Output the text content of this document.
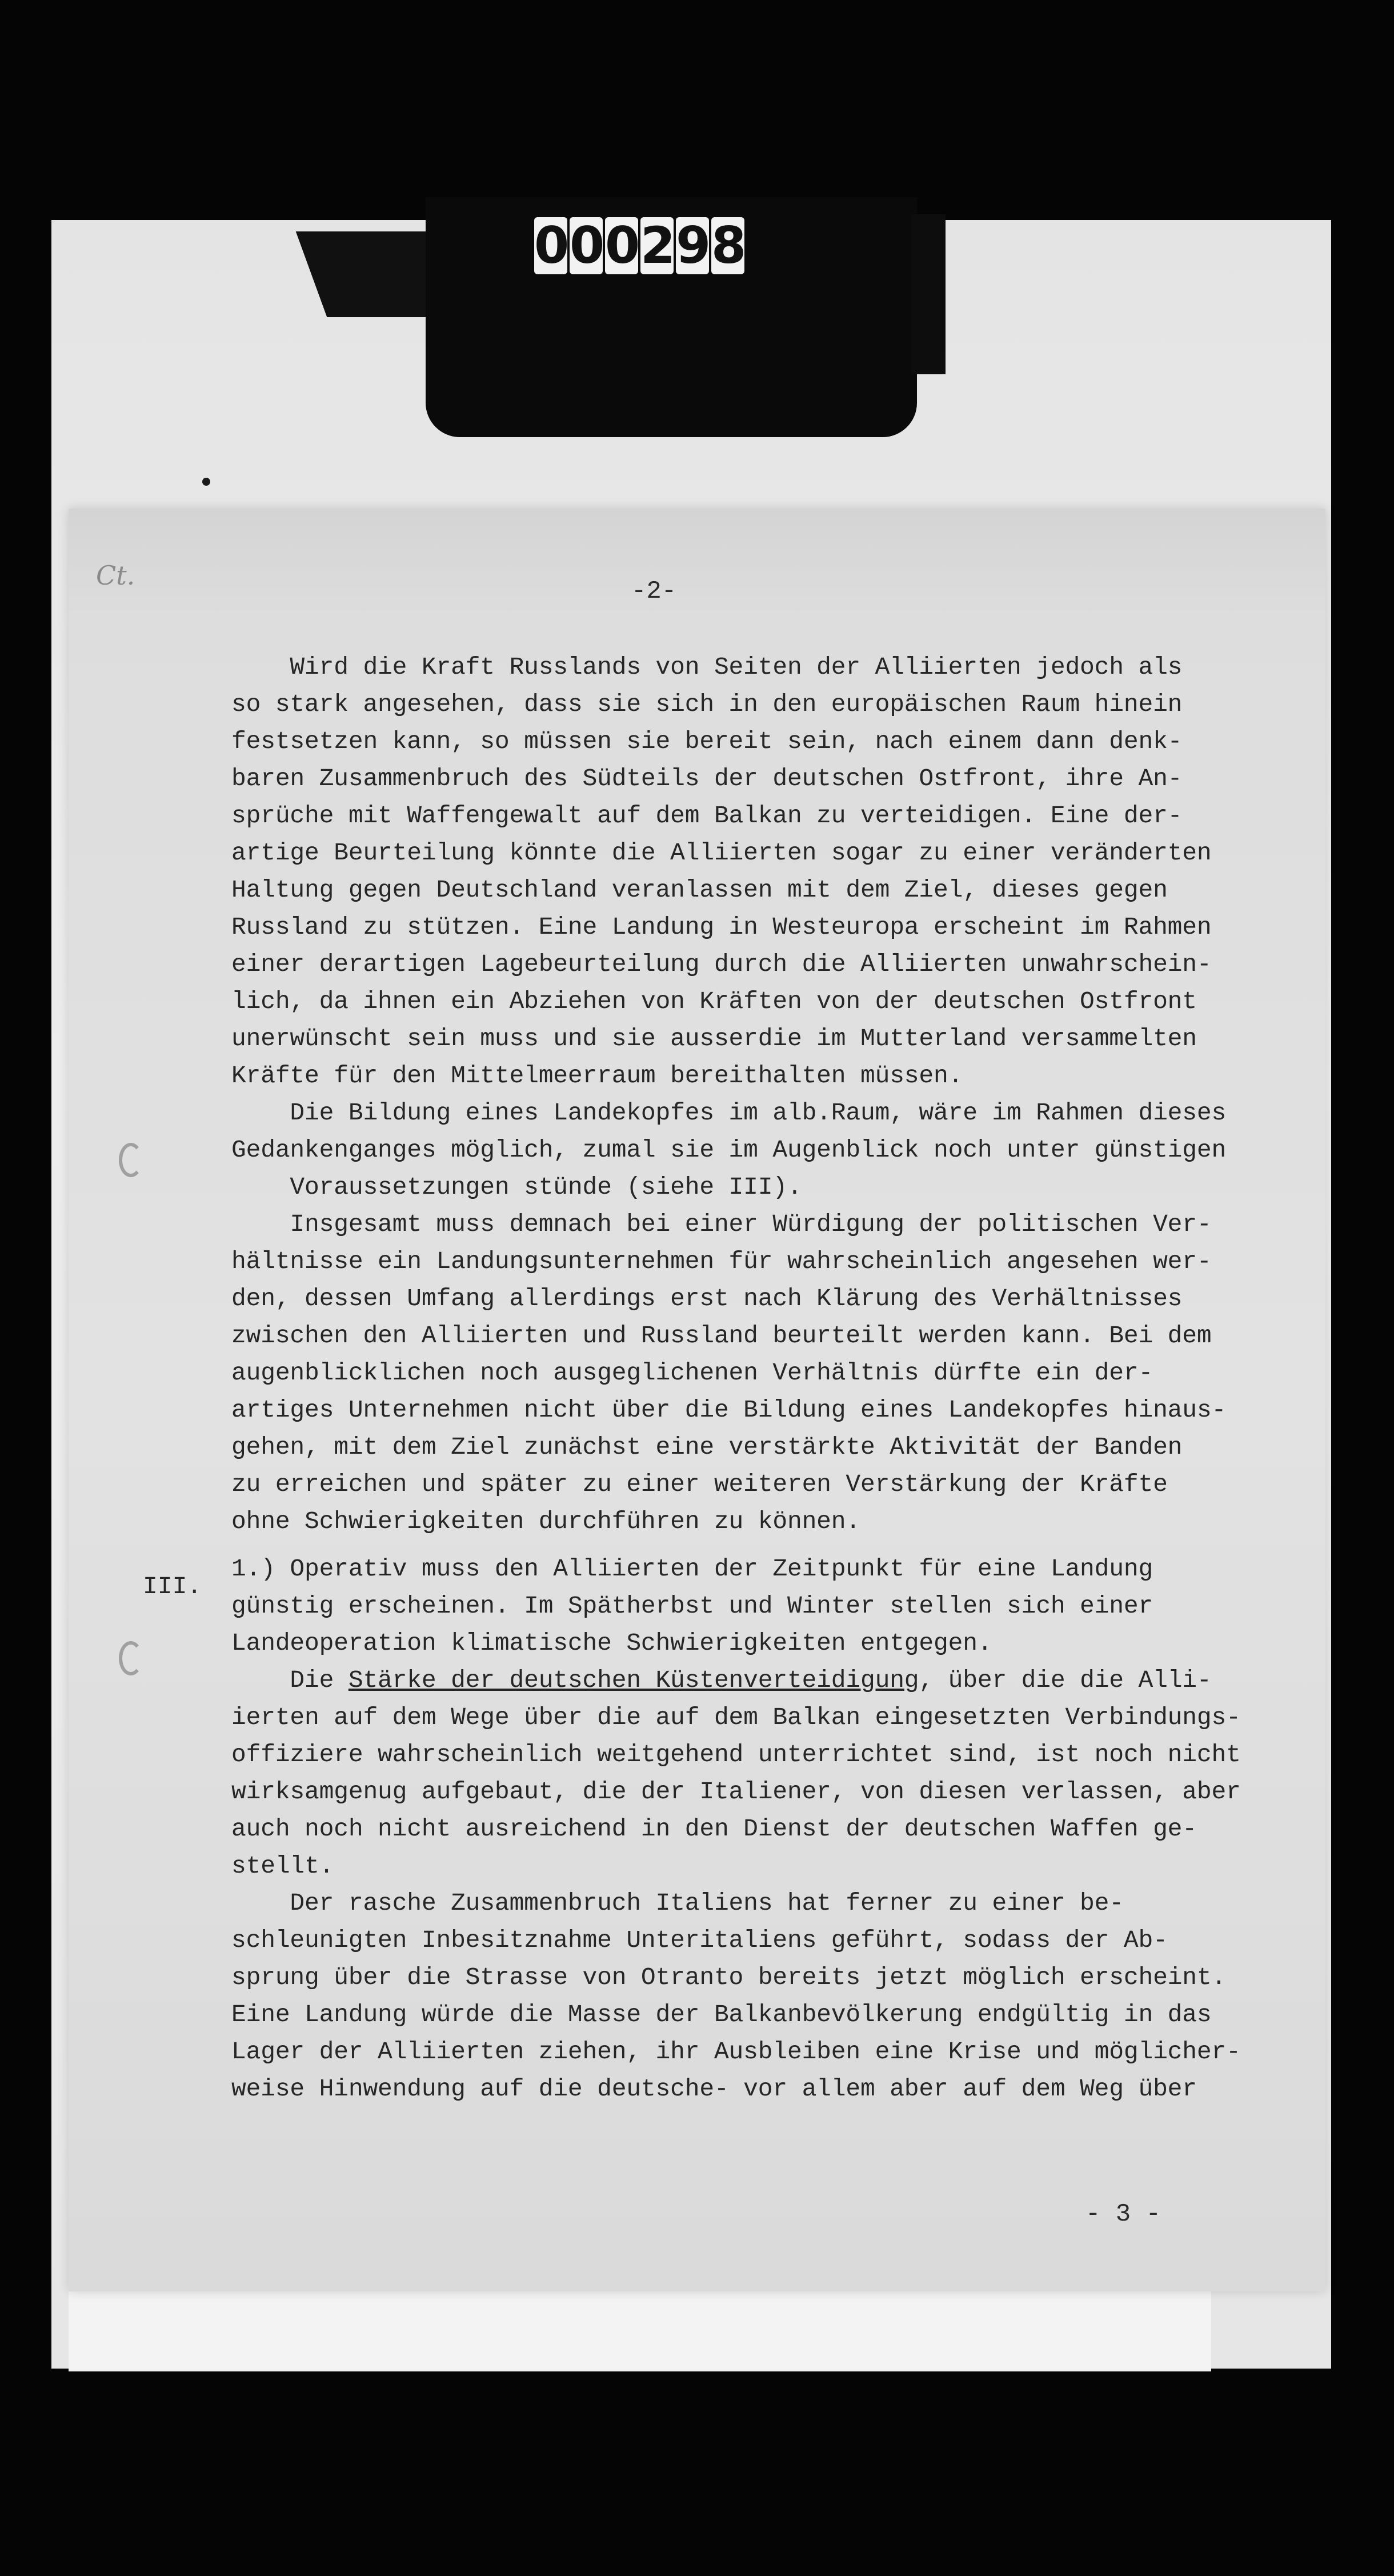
0 0 0 2 9 8
Ct.
-2-
III.
Wird die Kraft Russlands von Seiten der Alliierten jedoch als
so stark angesehen, dass sie sich in den europäischen Raum hinein
festsetzen kann, so müssen sie bereit sein, nach einem dann denk-
baren Zusammenbruch des Südteils der deutschen Ostfront, ihre An-
sprüche mit Waffengewalt auf dem Balkan zu verteidigen. Eine der-
artige Beurteilung könnte die Alliierten sogar zu einer veränderten
Haltung gegen Deutschland veranlassen mit dem Ziel, dieses gegen
Russland zu stützen. Eine Landung in Westeuropa erscheint im Rahmen
einer derartigen Lagebeurteilung durch die Alliierten unwahrschein-
lich, da ihnen ein Abziehen von Kräften von der deutschen Ostfront
unerwünscht sein muss und sie ausserdie im Mutterland versammelten
Kräfte für den Mittelmeerraum bereithalten müssen.
Die Bildung eines Landekopfes im alb.Raum, wäre im Rahmen dieses
Gedankenganges möglich, zumal sie im Augenblick noch unter günstigen
Voraussetzungen stünde (siehe III).
Insgesamt muss demnach bei einer Würdigung der politischen Ver-
hältnisse ein Landungsunternehmen für wahrscheinlich angesehen wer-
den, dessen Umfang allerdings erst nach Klärung des Verhältnisses
zwischen den Alliierten und Russland beurteilt werden kann. Bei dem
augenblicklichen noch ausgeglichenen Verhältnis dürfte ein der-
artiges Unternehmen nicht über die Bildung eines Landekopfes hinaus-
gehen, mit dem Ziel zunächst eine verstärkte Aktivität der Banden
zu erreichen und später zu einer weiteren Verstärkung der Kräfte
ohne Schwierigkeiten durchführen zu können.
1.) Operativ muss den Alliierten der Zeitpunkt für eine Landung
günstig erscheinen. Im Spätherbst und Winter stellen sich einer
Landeoperation klimatische Schwierigkeiten entgegen.
Die Stärke der deutschen Küstenverteidigung, über die die Alli-
ierten auf dem Wege über die auf dem Balkan eingesetzten Verbindungs-
offiziere wahrscheinlich weitgehend unterrichtet sind, ist noch nicht
wirksamgenug aufgebaut, die der Italiener, von diesen verlassen, aber
auch noch nicht ausreichend in den Dienst der deutschen Waffen ge-
stellt.
Der rasche Zusammenbruch Italiens hat ferner zu einer be-
schleunigten Inbesitznahme Unteritaliens geführt, sodass der Ab-
sprung über die Strasse von Otranto bereits jetzt möglich erscheint.
Eine Landung würde die Masse der Balkanbevölkerung endgültig in das
Lager der Alliierten ziehen, ihr Ausbleiben eine Krise und möglicher-
weise Hinwendung auf die deutsche- vor allem aber auf dem Weg über
- 3 -
